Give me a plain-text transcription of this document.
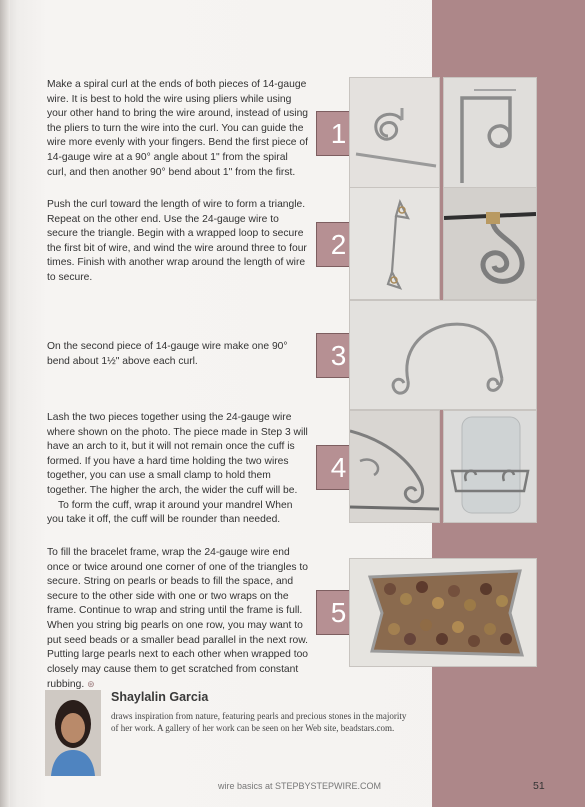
Make a spiral curl at the ends of both pieces of 14-gauge wire. It is best to hold the wire using pliers while using your other hand to bring the wire around, instead of using the pliers to turn the wire into the curl. You can guide the wire more evenly with your fingers. Bend the first piece of 14-gauge wire at a 90° angle about 1" from the spiral curl, and then another 90° bend about 1" from the first.

1

Push the curl toward the length of wire to form a triangle. Repeat on the other end. Use the 24-gauge wire to secure the triangle. Begin with a wrapped loop to secure the first bit of wire, and wind the wire around three to four times. Finish with another wrap around the length of wire to secure.

2

On the second piece of 14-gauge wire make one 90° bend about 1½" above each curl.	3

Lash the two pieces together using the 24-gauge wire where shown on the photo. The piece made in Step 3 will have an arch to it, but it will not remain once the cuff is formed. If you have a hard time holding the two wires together, you can use a small clamp to hold them together. The higher the arch, the wider the cuff will be.

To form the cuff, wrap it around your mandrel When you take it off, the cuff will be rounder than needed.

4

To fill the bracelet frame, wrap the 24-gauge wire end once or twice around one corner of one of the triangles to secure. String on pearls or beads to fill the space, and secure to the other side with one or two wraps on the frame. Continue to wrap and string until the frame is full. When you string big pearls on one row, you may want to put seed beads or a smaller bead parallel in the next row. Putting large pearls next to each other when wrapped too closely may cause them to get scratched from constant rubbing. ⊛

5

Shaylalin Garcia

draws inspiration from nature, featuring pearls and precious stones in the majority of her work. A gallery of her work can be seen on her Web site, beadstars.com.

wire basics at STEPBYSTEPWIRE.COM	51
